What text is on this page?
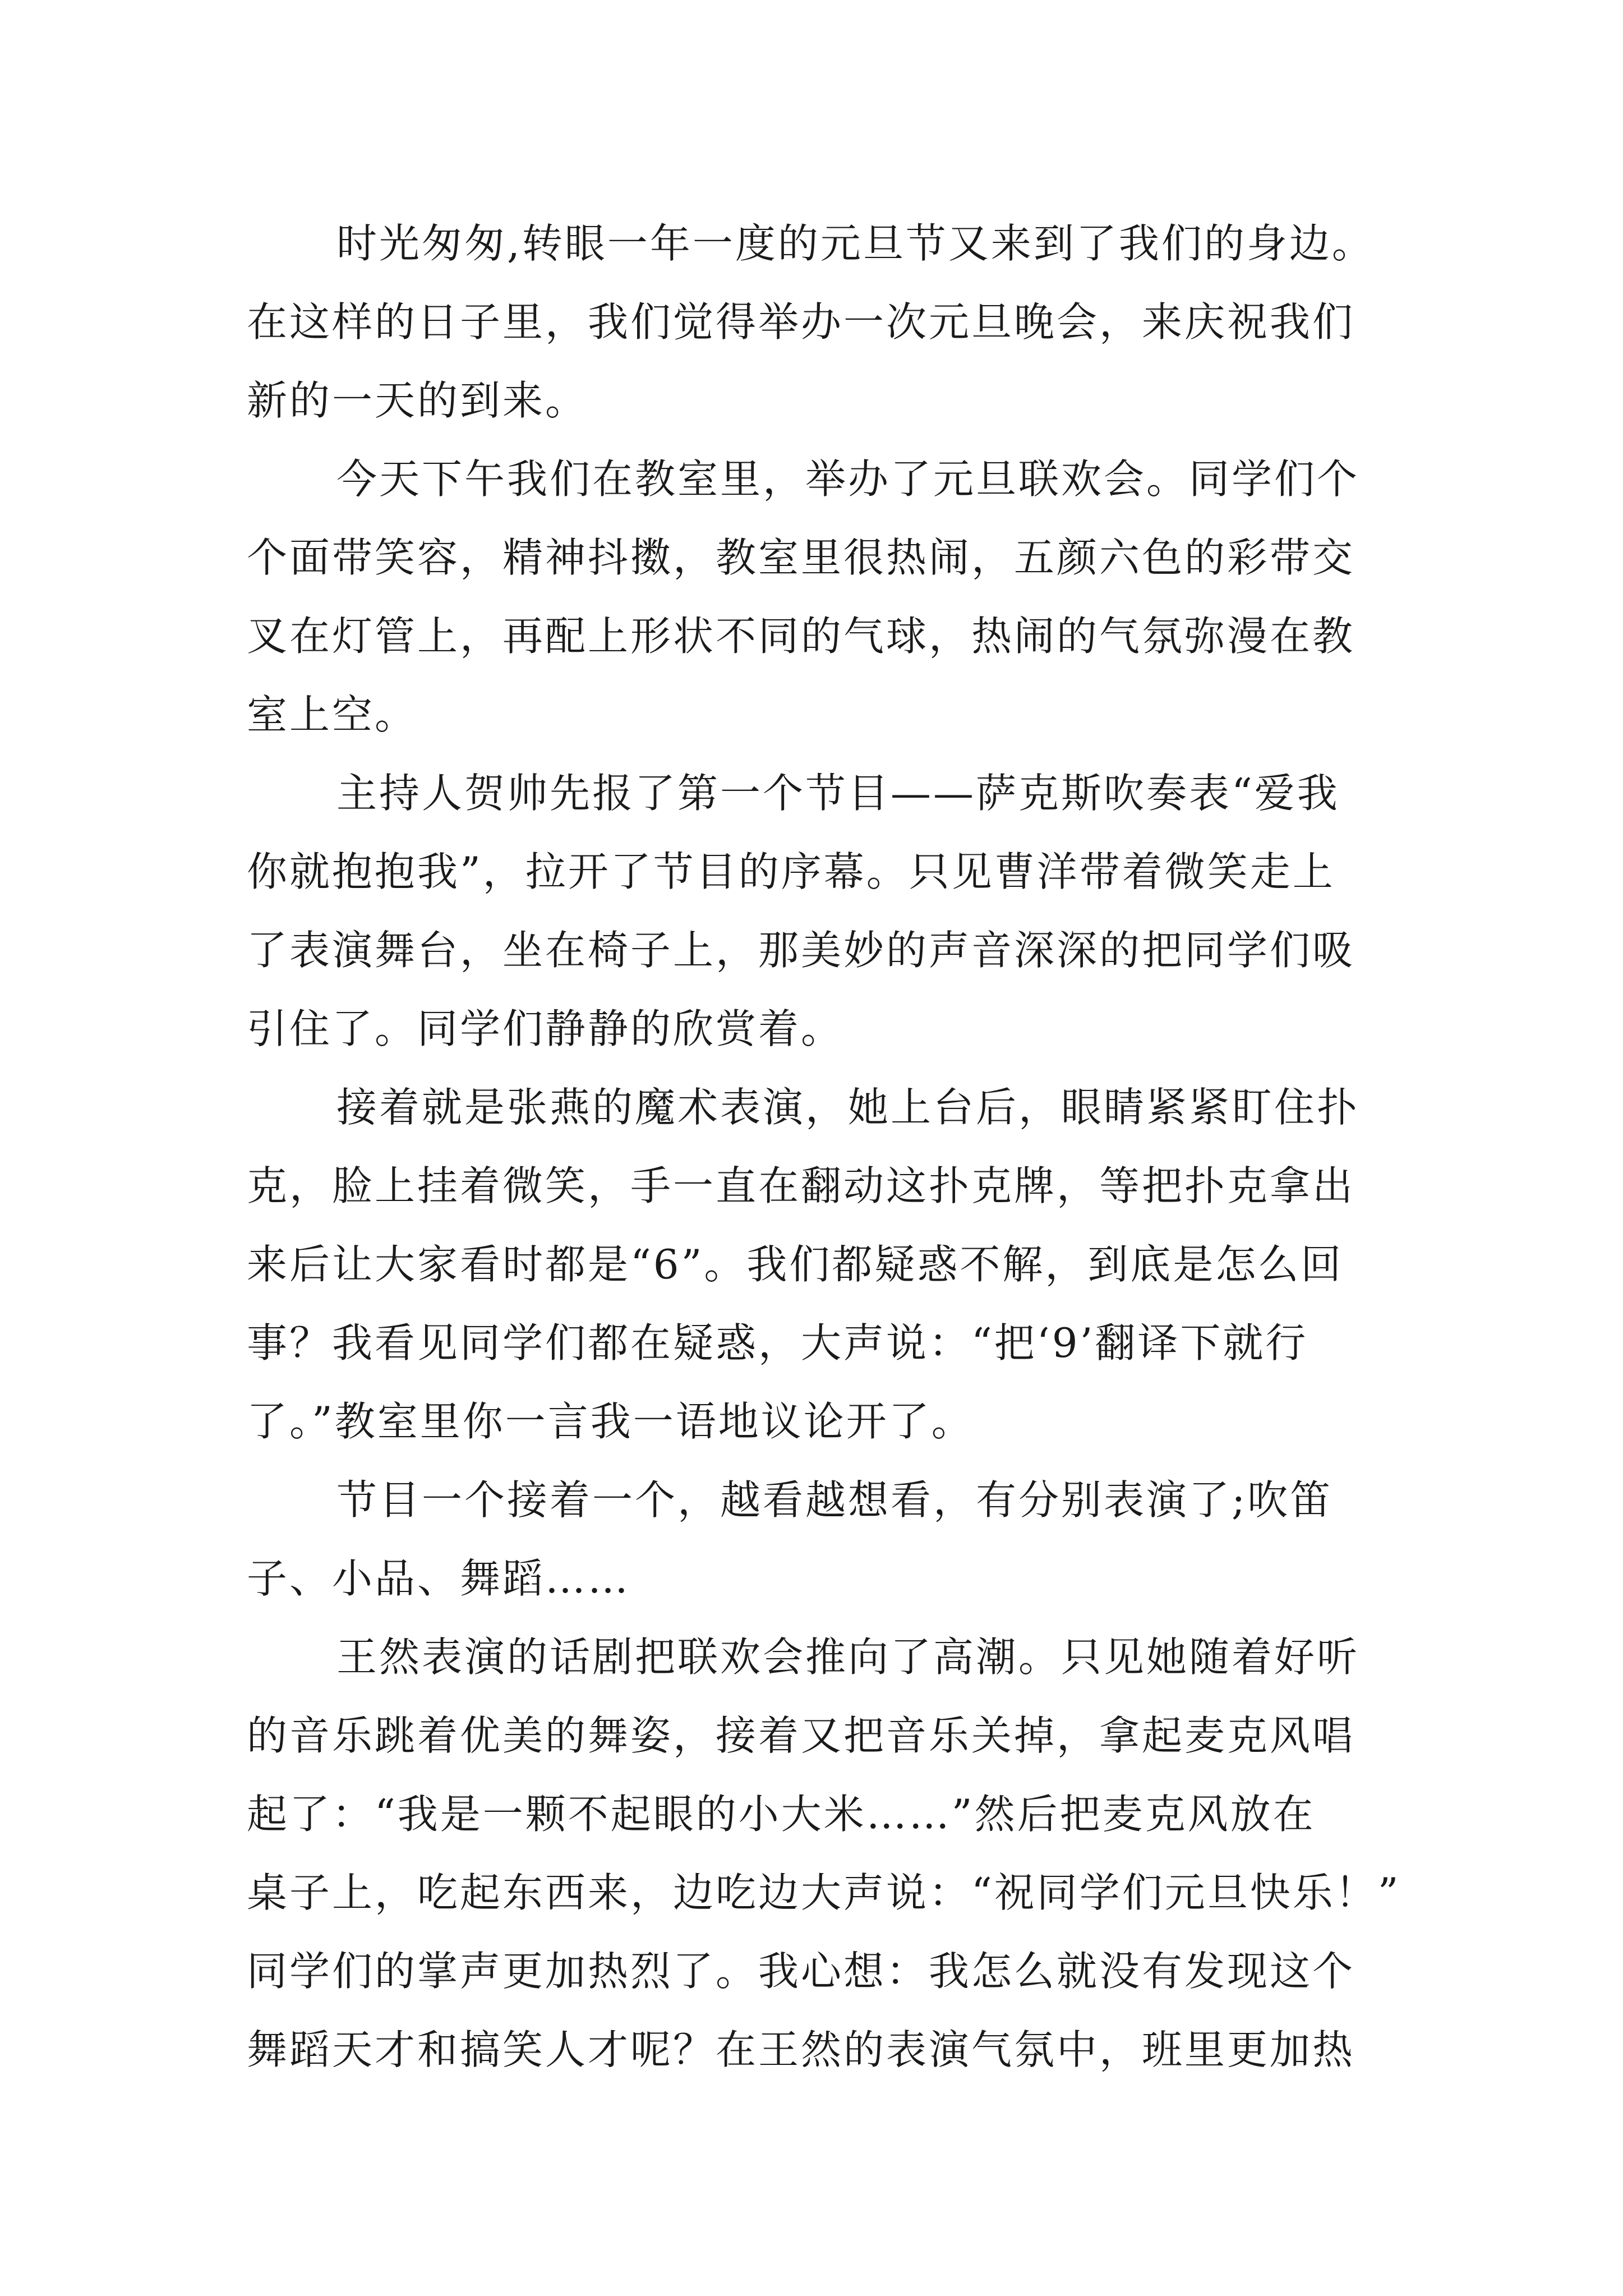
时光匆匆,转眼一年一度的元旦节又来到了我们的身边。
在这样的日子里，我们觉得举办一次元旦晚会，来庆祝我们
新的一天的到来。
今天下午我们在教室里，举办了元旦联欢会。同学们个
个面带笑容，精神抖擞，教室里很热闹，五颜六色的彩带交
叉在灯管上，再配上形状不同的气球，热闹的气氛弥漫在教
室上空。
主持人贺帅先报了第一个节目——萨克斯吹奏表“爱我
你就抱抱我”，拉开了节目的序幕。只见曹洋带着微笑走上
了表演舞台，坐在椅子上，那美妙的声音深深的把同学们吸
引住了。同学们静静的欣赏着。
接着就是张燕的魔术表演，她上台后，眼睛紧紧盯住扑
克，脸上挂着微笑，手一直在翻动这扑克牌，等把扑克拿出
来后让大家看时都是“6”。我们都疑惑不解，到底是怎么回
事？我看见同学们都在疑惑，大声说：“把‘9’翻译下就行
了。”教室里你一言我一语地议论开了。
节目一个接着一个，越看越想看，有分别表演了;吹笛
子、小品、舞蹈……
王然表演的话剧把联欢会推向了高潮。只见她随着好听
的音乐跳着优美的舞姿，接着又把音乐关掉，拿起麦克风唱
起了：“我是一颗不起眼的小大米……”然后把麦克风放在
桌子上，吃起东西来，边吃边大声说：“祝同学们元旦快乐！”
同学们的掌声更加热烈了。我心想：我怎么就没有发现这个
舞蹈天才和搞笑人才呢？在王然的表演气氛中，班里更加热
